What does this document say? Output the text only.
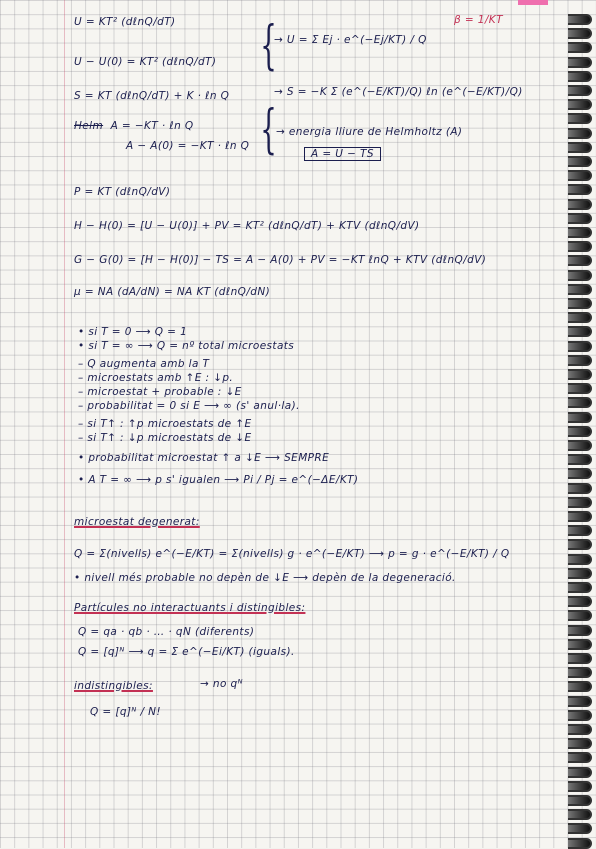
U = KT² (dℓnQ/dT)	β = 1/KT
→ U = Σ Ej · e^(−Ej/KT) / Q
U − U(0) = KT² (dℓnQ/dT) {
S = KT (dℓnQ/dT) + K · ℓn Q	→ S = −K Σ (e^(−E/KT)/Q) ℓn (e^(−E/KT)/Q)
Helm A = −KT · ℓn Q
A − A(0) = −KT · ℓn Q { → energia lliure de Helmholtz (A)
A = U − TS
P = KT (dℓnQ/dV)
H − H(0) = [U − U(0)] + PV = KT² (dℓnQ/dT) + KTV (dℓnQ/dV)
G − G(0) = [H − H(0)] − TS = A − A(0) + PV = −KT ℓnQ + KTV (dℓnQ/dV)
μ = NA (dA/dN) = NA KT (dℓnQ/dN)
• si T = 0 ⟶ Q = 1
• si T = ∞ ⟶ Q = nº total microestats
– Q augmenta amb la T
– microestats amb ↑E : ↓p.
– microestat + probable : ↓E
– probabilitat = 0 si E ⟶ ∞ (s' anul·la).
– si T↑ : ↑p microestats de ↑E
– si T↑ : ↓p microestats de ↓E
• probabilitat microestat ↑ a ↓E ⟶ SEMPRE
• A T = ∞ ⟶ p s' igualen ⟶ Pi / Pj = e^(−ΔE/KT)
microestat degenerat:
Q = Σ(nivells) e^(−E/KT) = Σ(nivells) g · e^(−E/KT) ⟶ p = g · e^(−E/KT) / Q
• nivell més probable no depèn de ↓E ⟶ depèn de la degeneració.
Partícules no interactuants i distingibles:
Q = qa · qb · … · qN (diferents)
Q = [q]ᴺ ⟶ q = Σ e^(−Ei/KT) (iguals).
indistingibles:	→ no qᴺ
Q = [q]ᴺ / N!
